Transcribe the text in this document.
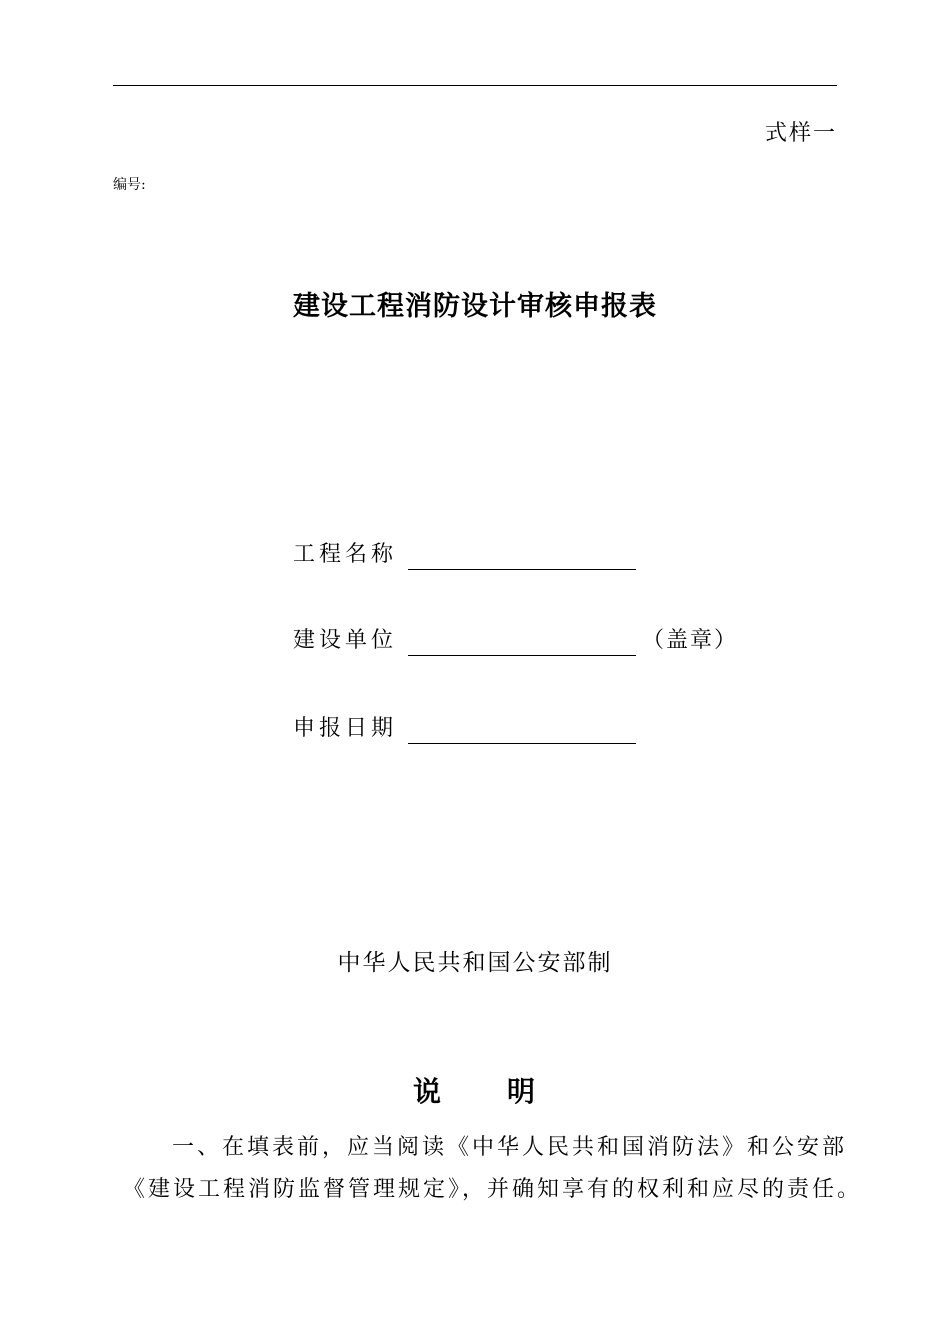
式样一
编号:
建设工程消防设计审核申报表
工程名称
建设单位	（盖章）
申报日期
中华人民共和国公安部制
说 明
一、在填表前，应当阅读《中华人民共和国消防法》和公安部
《建设工程消防监督管理规定》，并确知享有的权利和应尽的责任。
